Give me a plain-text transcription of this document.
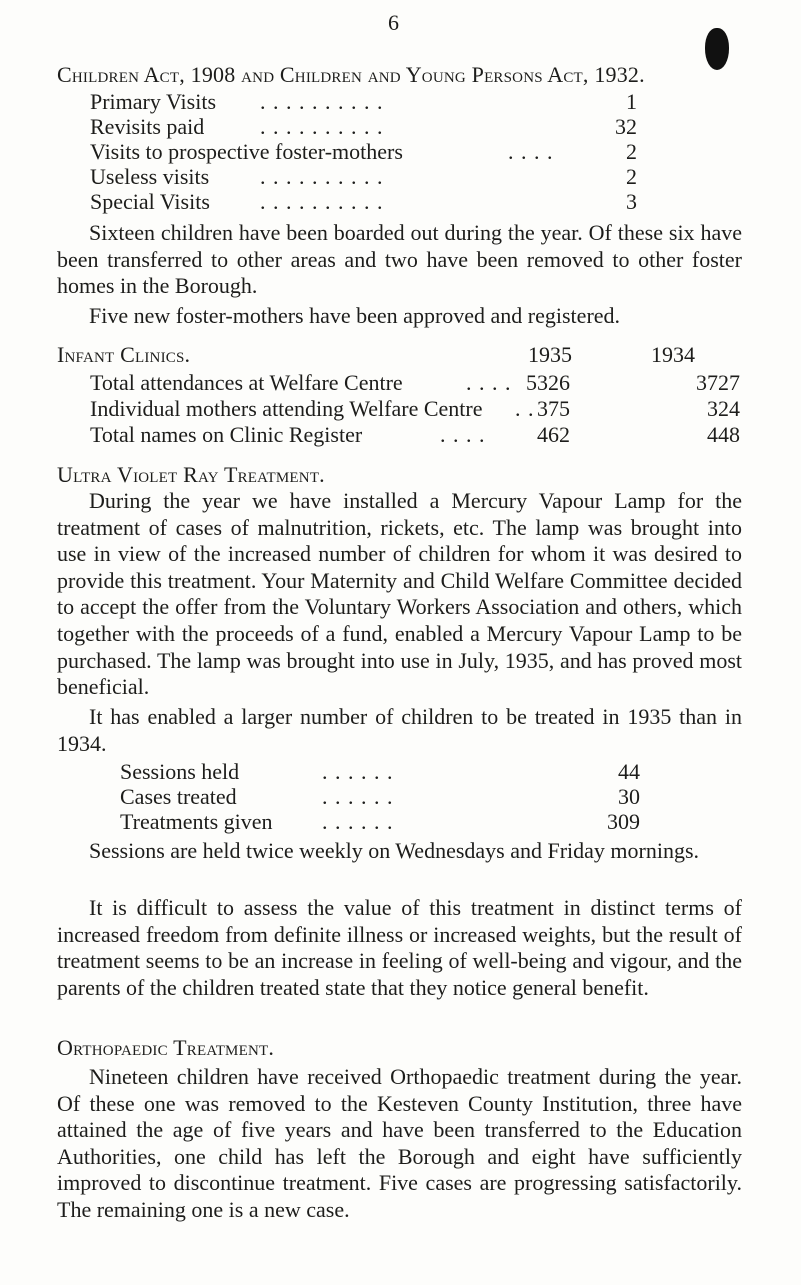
6
Children Act, 1908 and Children and Young Persons Act, 1932.
Primary Visits . . . . . . . . . .	1
Revisits paid	. . . . . . . . . .	32
Visits to prospective foster-mothers	. . . .	2
Useless visits . . . . . . . . . .	2
Special Visits . . . . . . . . . .	3

Sixteen children have been boarded out during the year. Of these six have been transferred to other areas and two have been removed to other foster homes in the Borough.

Five new foster-mothers have been approved and registered.

Infant Clinics.	1935	1934
Total attendances at Welfare Centre	. . . . 5326	3727
Individual mothers attending Welfare Centre . . 375	324
Total names on Clinic Register	. . . . 462	448
Ultra Violet Ray Treatment.

During the year we have installed a Mercury Vapour Lamp for the treatment of cases of malnutrition, rickets, etc. The lamp was brought into use in view of the increased number of children for whom it was desired to provide this treatment. Your Maternity and Child Welfare Committee decided to accept the offer from the Voluntary Workers Association and others, which together with the proceeds of a fund, enabled a Mercury Vapour Lamp to be purchased. The lamp was brought into use in July, 1935, and has proved most beneficial.

It has enabled a larger number of children to be treated in 1935 than in 1934.

Sessions held	. . . . . .	44
Cases treated	. . . . . .	30
Treatments given . . . . . .	309

Sessions are held twice weekly on Wednesdays and Friday mornings.

It is difficult to assess the value of this treatment in distinct terms of increased freedom from definite illness or increased weights, but the result of treatment seems to be an increase in feeling of well-being and vigour, and the parents of the children treated state that they notice general benefit.

Orthopaedic Treatment.

Nineteen children have received Orthopaedic treatment during the year. Of these one was removed to the Kesteven County Institution, three have attained the age of five years and have been transferred to the Education Authorities, one child has left the Borough and eight have sufficiently improved to discontinue treatment. Five cases are progressing satisfactorily. The remaining one is a new case.
